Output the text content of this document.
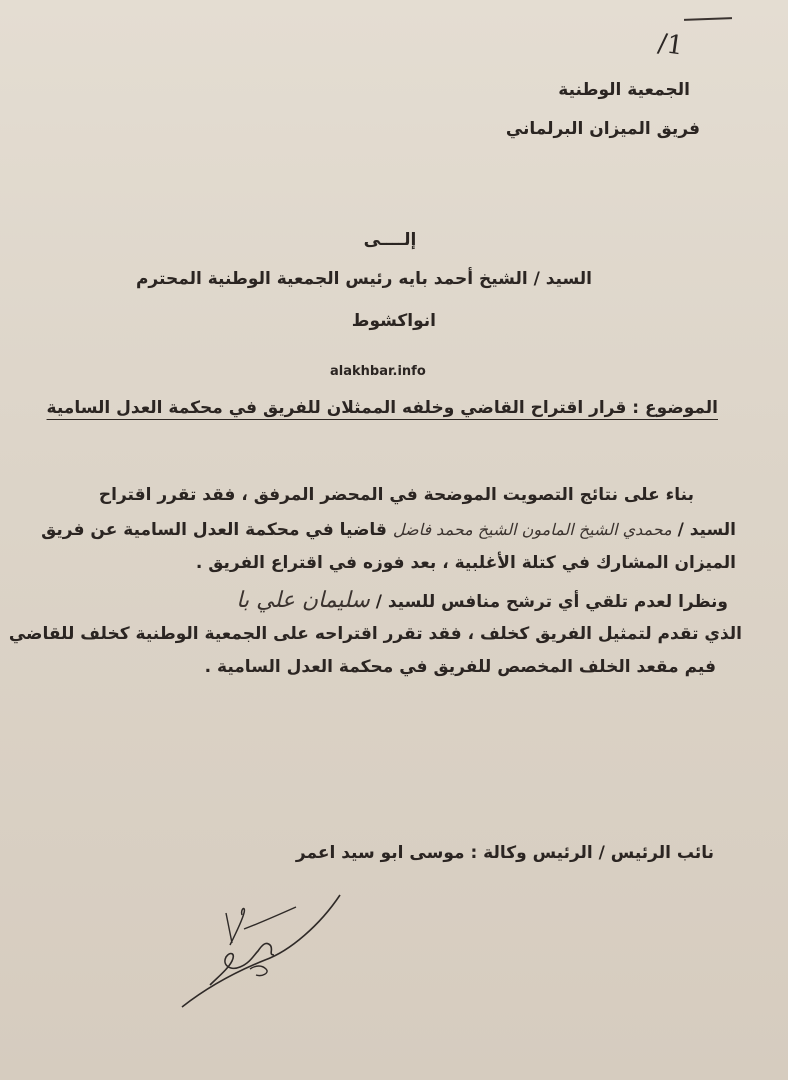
/1
الجمعية الوطنية
فريق الميزان البرلماني
إلــــى
السيد / الشيخ أحمد بايه رئيس الجمعية الوطنية المحترم
انواكشوط
alakhbar.info
الموضوع : قرار اقتراح القاضي وخلفه الممثلان للفريق في محكمة العدل السامية
بناء على نتائج التصويت الموضحة في المحضر المرفق ، فقد تقرر اقتراح
السيد / محمدي الشيخ المامون الشيخ محمد فاضل قاضيا في محكمة العدل السامية عن فريق
الميزان المشارك في كتلة الأغلبية ، بعد فوزه في اقتراع الفريق .
ونظرا لعدم تلقي أي ترشح منافس للسيد / سليمان علي با
الذي تقدم لتمثيل الفريق كخلف ، فقد تقرر اقتراحه على الجمعية الوطنية كخلف للقاضي
فيم مقعد الخلف المخصص للفريق في محكمة العدل السامية .
نائب الرئيس / الرئيس وكالة : موسى ابو سيد اعمر
